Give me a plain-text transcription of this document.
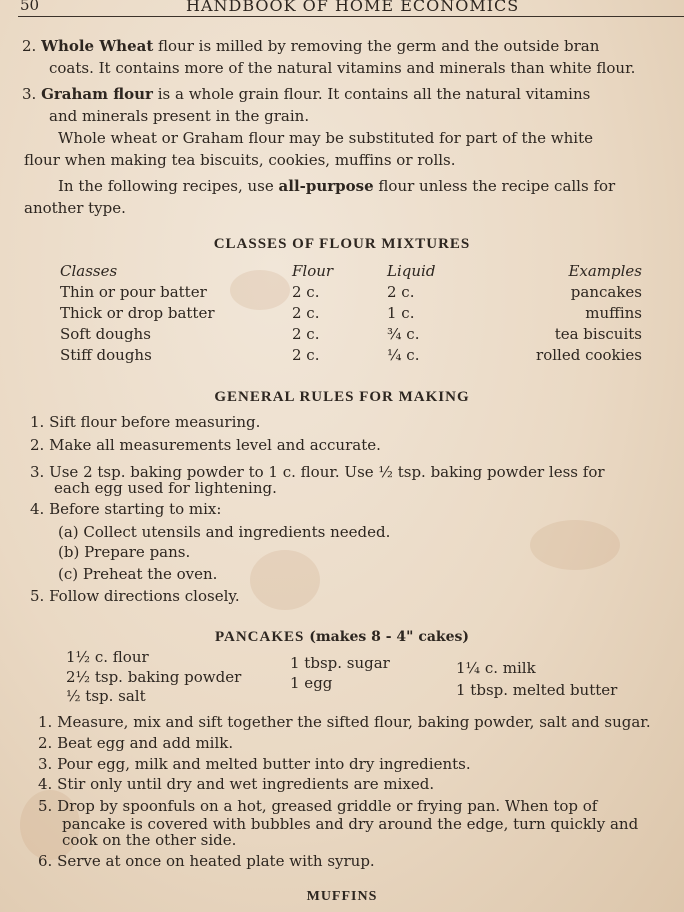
50	HANDBOOK OF HOME ECONOMICS
2. Whole Wheat flour is milled by removing the germ and the outside bran
coats. It contains more of the natural vitamins and minerals than white flour.
3. Graham flour is a whole grain flour. It contains all the natural vitamins
and minerals present in the grain.
Whole wheat or Graham flour may be substituted for part of the white
flour when making tea biscuits, cookies, muffins or rolls.
In the following recipes, use all-purpose flour unless the recipe calls for
another type.
CLASSES OF FLOUR MIXTURES
Classes	Flour	Liquid	Examples
Thin or pour batter	2 c.	2 c.	pancakes
Thick or drop batter	2 c.	1 c.	muffins
Soft doughs	2 c.	¾ c.	tea biscuits
Stiff doughs	2 c.	¼ c.	rolled cookies
GENERAL RULES FOR MAKING
1. Sift flour before measuring.
2. Make all measurements level and accurate.
3. Use 2 tsp. baking powder to 1 c. flour. Use ½ tsp. baking powder less for
each egg used for lightening.
4. Before starting to mix:
(a) Collect utensils and ingredients needed.
(b) Prepare pans.
(c) Preheat the oven.
5. Follow directions closely.
PANCAKES (makes 8 - 4" cakes)
1½ c. flour
2½ tsp. baking powder
½ tsp. salt
1 tbsp. sugar
1 egg
1¼ c. milk
1 tbsp. melted butter
1. Measure, mix and sift together the sifted flour, baking powder, salt and sugar.
2. Beat egg and add milk.
3. Pour egg, milk and melted butter into dry ingredients.
4. Stir only until dry and wet ingredients are mixed.
5. Drop by spoonfuls on a hot, greased griddle or frying pan. When top of
pancake is covered with bubbles and dry around the edge, turn quickly and
cook on the other side.
6. Serve at once on heated plate with syrup.
MUFFINS
